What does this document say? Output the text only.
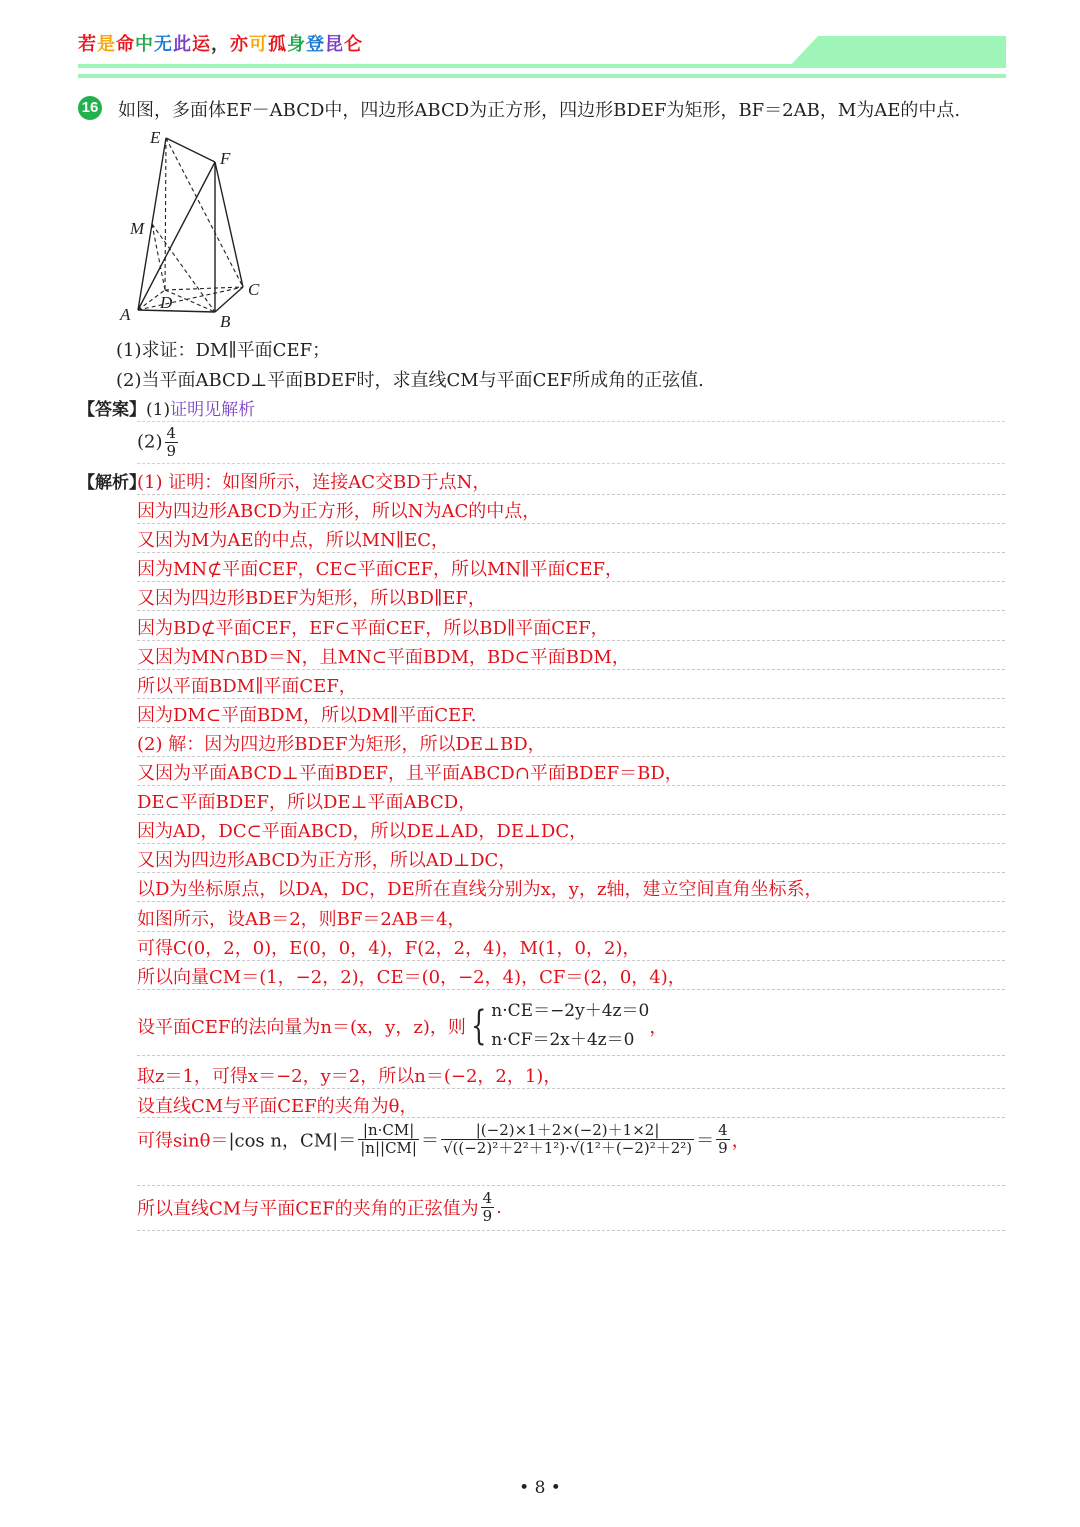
若是命中无此运，亦可孤身登昆仑
16 如图，多面体EF－ABCD中，四边形ABCD为正方形，四边形BDEF为矩形，BF＝2AB，M为AE的中点.
E
F
M
D
C
A	B
(1)求证：DM∥平面CEF；
(2)当平面ABCD⊥平面BDEF时，求直线CM与平面CEF所成角的正弦值.
【答案】(1)证明见解析
$(2) \frac{4}{9}$
【解析】
(1) 证明：如图所示，连接AC交BD于点N，
因为四边形ABCD为正方形，所以N为AC的中点，
又因为M为AE的中点，所以MN∥EC，
因为MN⊄平面CEF，CE⊂平面CEF，所以MN∥平面CEF，
又因为四边形BDEF为矩形，所以BD∥EF，
因为BD⊄平面CEF，EF⊂平面CEF，所以BD∥平面CEF，
又因为MN∩BD＝N，且MN⊂平面BDM，BD⊂平面BDM，
所以平面BDM∥平面CEF，
因为DM⊂平面BDM，所以DM∥平面CEF.
(2) 解：因为四边形BDEF为矩形，所以DE⊥BD，
又因为平面ABCD⊥平面BDEF，且平面ABCD∩平面BDEF＝BD，
DE⊂平面BDEF，所以DE⊥平面ABCD，
因为AD，DC⊂平面ABCD，所以DE⊥AD，DE⊥DC，
又因为四边形ABCD为正方形，所以AD⊥DC，
以D为坐标原点，以DA，DC，DE所在直线分别为x，y，z轴，建立空间直角坐标系，
如图所示，设AB＝2，则BF＝2AB＝4，
可得C(0，2，0)，E(0，0，4)，F(2，2，4)，M(1，0，2)，
所以向量CM＝(1，−2，2)，CE＝(0，−2，4)，CF＝(2，0，4)，
设平面CEF的法向量为n＝(x，y，z)，则 { n·CE＝−2y＋4z＝0
n·CF＝2x＋4z＝0
，
取z＝1，可得x＝−2，y＝2，所以n＝(−2，2，1)，
设直线CM与平面CEF的夹角为θ，
可得sinθ＝|cos n，$CM|= \frac{|n\cdot CM|}{|n||CM|} = \frac{|(-2)\times 1+2\times(-2)+1\times 2|}{\text{√((−2)²＋2²＋1²)·√(1²＋(−2)²＋2²)}} = \frac{4}{9}$ ，
所以直线CM与平面CEF的夹角的正弦值为 $\frac{4}{9}$ .
• 8 •
